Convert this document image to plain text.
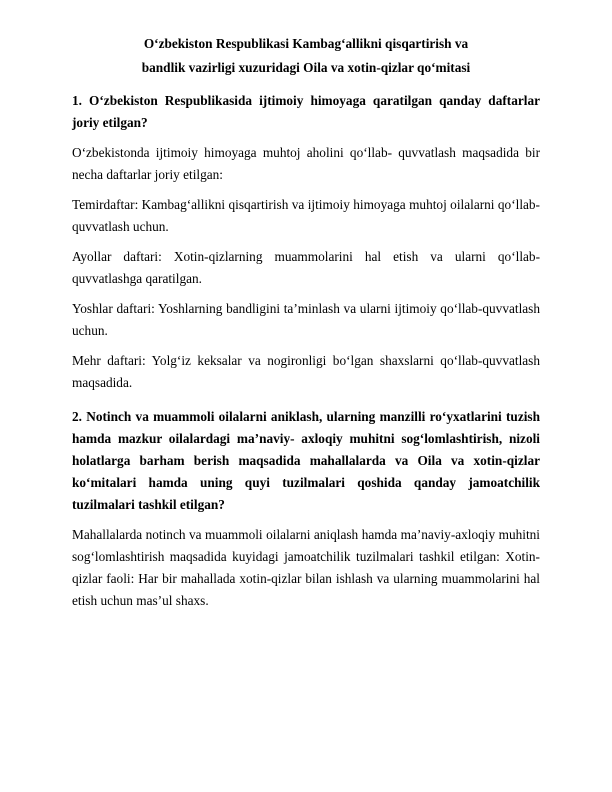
O‘zbekiston Respublikasi Kambag‘allikni qisqartirish va
bandlik vazirligi xuzuridagi Oila va xotin-qizlar qo‘mitasi
1. O‘zbekiston Respublikasida ijtimoiy himoyaga qaratilgan qanday daftarlar joriy etilgan?
O‘zbekistonda ijtimoiy himoyaga muhtoj aholini qo‘llab- quvvatlash maqsadida bir necha daftarlar joriy etilgan:
Temirdaftar: Kambag‘allikni qisqartirish va ijtimoiy himoyaga muhtoj oilalarni qo‘llab-quvvatlash uchun.
Ayollar daftari: Xotin-qizlarning muammolarini hal etish va ularni qo‘llab-quvvatlashga qaratilgan.
Yoshlar daftari: Yoshlarning bandligini ta’minlash va ularni ijtimoiy qo‘llab-quvvatlash uchun.
Mehr daftari: Yolg‘iz keksalar va nogironligi bo‘lgan shaxslarni qo‘llab-quvvatlash maqsadida.
2. Notinch va muammoli oilalarni aniklash, ularning manzilli ro‘yxatlarini tuzish hamda mazkur oilalardagi ma’naviy- axloqiy muhitni sog‘lomlashtirish, nizoli holatlarga barham berish maqsadida mahallalarda va Oila va xotin-qizlar ko‘mitalari hamda uning quyi tuzilmalari qoshida qanday jamoatchilik tuzilmalari tashkil etilgan?
Mahallalarda notinch va muammoli oilalarni aniqlash hamda ma’naviy-axloqiy muhitni sog‘lomlashtirish maqsadida kuyidagi jamoatchilik tuzilmalari tashkil etilgan: Xotin-qizlar faoli: Har bir mahallada xotin-qizlar bilan ishlash va ularning muammolarini hal etish uchun mas’ul shaxs.
